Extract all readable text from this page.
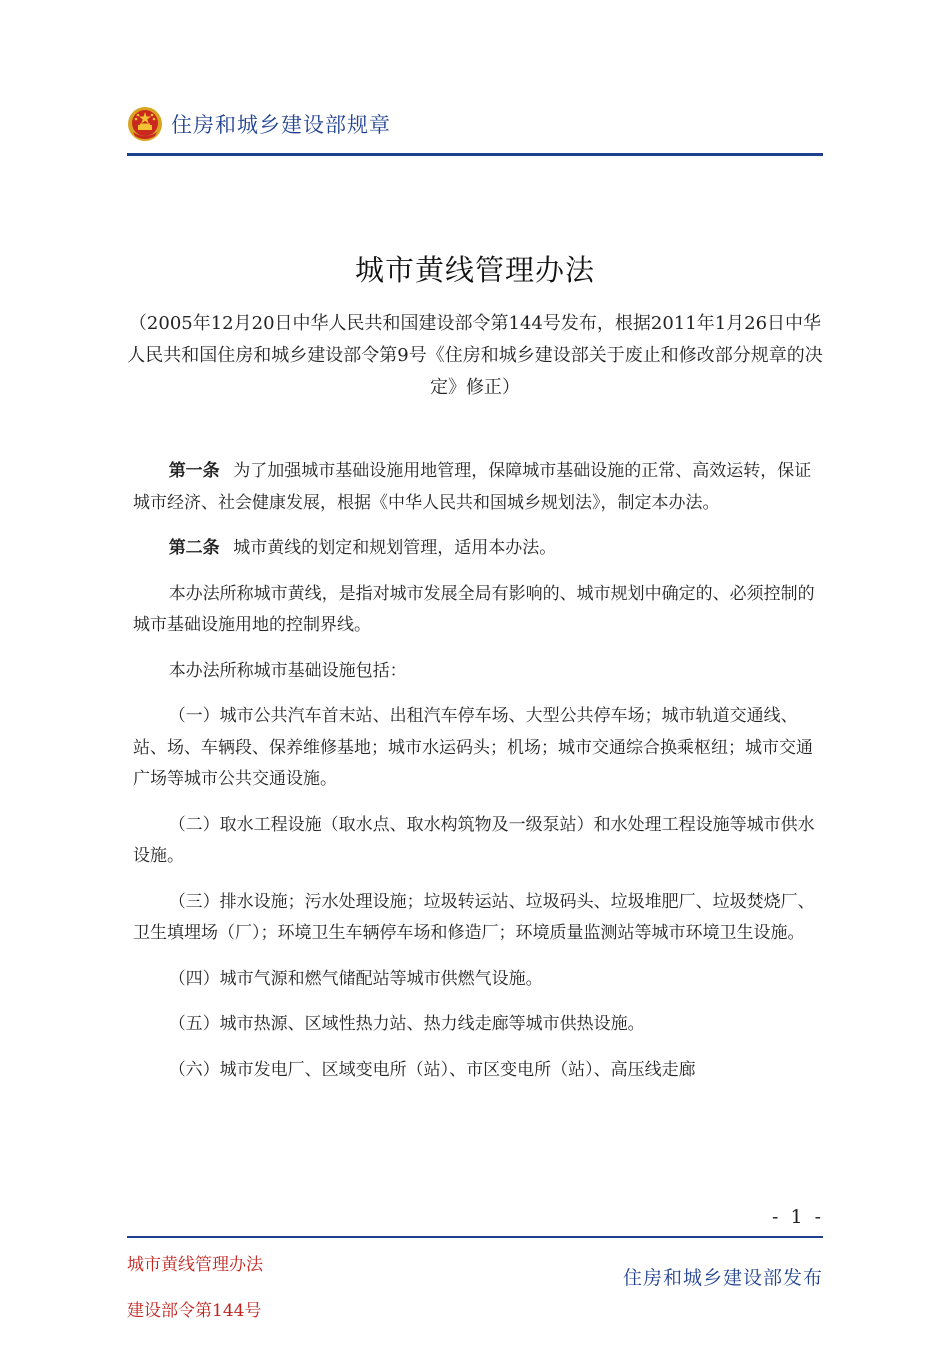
住房和城乡建设部规章
城市黄线管理办法
（2005年12月20日中华人民共和国建设部令第144号发布，根据2011年1月26日中华人民共和国住房和城乡建设部令第9号《住房和城乡建设部关于废止和修改部分规章的决定》修正）

第一条 为了加强城市基础设施用地管理，保障城市基础设施的正常、高效运转，保证城市经济、社会健康发展，根据《中华人民共和国城乡规划法》，制定本办法。

第二条 城市黄线的划定和规划管理，适用本办法。

本办法所称城市黄线，是指对城市发展全局有影响的、城市规划中确定的、必须控制的城市基础设施用地的控制界线。

本办法所称城市基础设施包括：

（一）城市公共汽车首末站、出租汽车停车场、大型公共停车场；城市轨道交通线、站、场、车辆段、保养维修基地；城市水运码头；机场；城市交通综合换乘枢纽；城市交通广场等城市公共交通设施。

（二）取水工程设施（取水点、取水构筑物及一级泵站）和水处理工程设施等城市供水设施。

（三）排水设施；污水处理设施；垃圾转运站、垃圾码头、垃圾堆肥厂、垃圾焚烧厂、卫生填埋场（厂）；环境卫生车辆停车场和修造厂；环境质量监测站等城市环境卫生设施。

（四）城市气源和燃气储配站等城市供燃气设施。

（五）城市热源、区域性热力站、热力线走廊等城市供热设施。

（六）城市发电厂、区域变电所（站）、市区变电所（站）、高压线走廊

- 1 -
城市黄线管理办法
建设部令第144号
住房和城乡建设部发布
